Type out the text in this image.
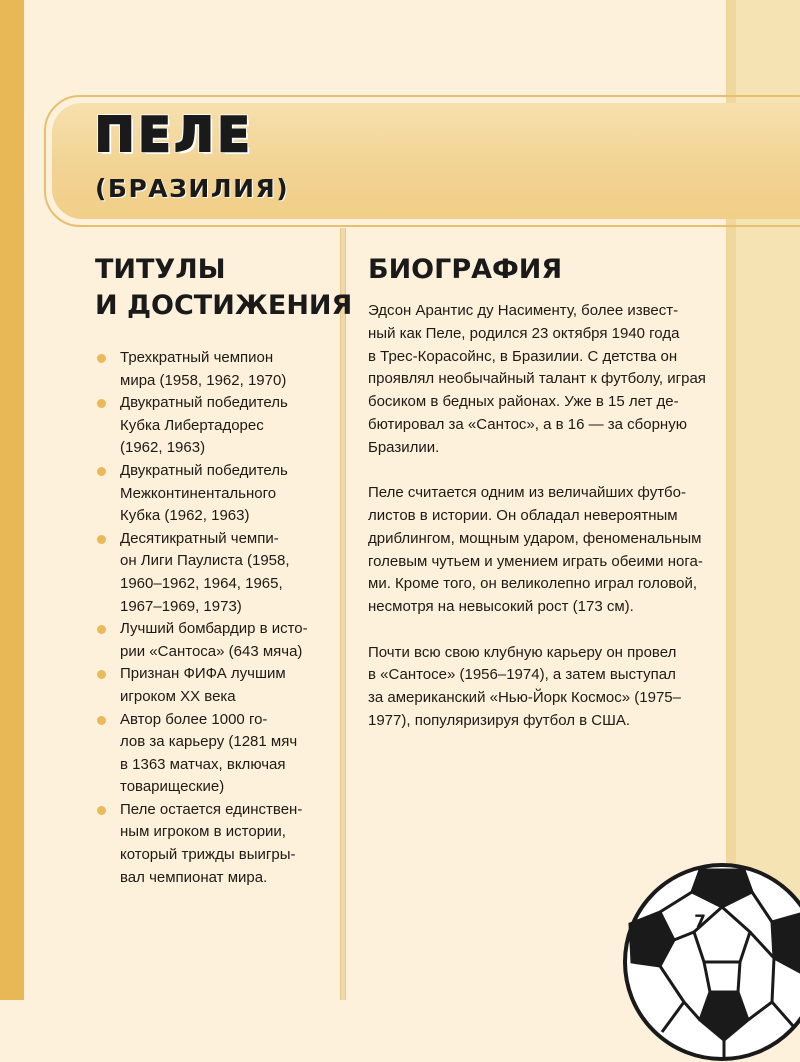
ПЕЛЕ
(БРАЗИЛИЯ)
ТИТУЛЫ
И ДОСТИЖЕНИЯ
Трехкратный чемпион
мира (1958, 1962, 1970)
Двукратный победитель
Кубка Либертадорес
(1962, 1963)
Двукратный победитель
Межконтинентального
Кубка (1962, 1963)
Десятикратный чемпи-
он Лиги Паулиста (1958,
1960–1962, 1964, 1965,
1967–1969, 1973)
Лучший бомбардир в исто-
рии «Сантоса» (643 мяча)
Признан ФИФА лучшим
игроком XX века
Автор более 1000 го-
лов за карьеру (1281 мяч
в 1363 матчах, включая
товарищеские)
Пеле остается единствен-
ным игроком в истории,
который трижды выигры-
вал чемпионат мира.
БИОГРАФИЯ

Эдсон Арантис ду Насименту, более извест-
ный как Пеле, родился 23 октября 1940 года
в Трес-Корасойнс, в Бразилии. С детства он
проявлял необычайный талант к футболу, играя
босиком в бедных районах. Уже в 15 лет де-
бютировал за «Сантос», а в 16 — за сборную
Бразилии.

Пеле считается одним из величайших футбо-
листов в истории. Он обладал невероятным
дриблингом, мощным ударом, феноменальным
голевым чутьем и умением играть обеими нога-
ми. Кроме того, он великолепно играл головой,
несмотря на невысокий рост (173 см).

Почти всю свою клубную карьеру он провел
в «Сантосе» (1956–1974), а затем выступал
за американский «Нью-Йорк Космос» (1975–
1977), популяризируя футбол в США.

7
